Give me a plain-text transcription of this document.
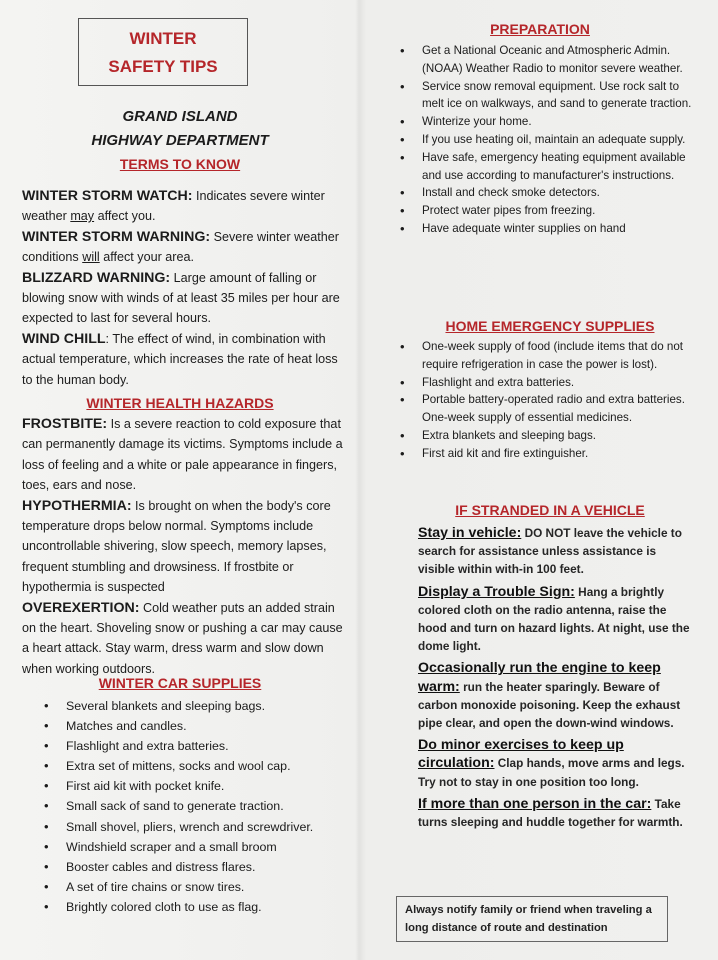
WINTER
SAFETY TIPS
GRAND ISLAND
HIGHWAY DEPARTMENT
TERMS TO KNOW
WINTER STORM WATCH: Indicates severe winter weather may affect you.
WINTER STORM WARNING: Severe winter weather conditions will affect your area.
BLIZZARD WARNING: Large amount of falling or blowing snow with winds of at least 35 miles per hour are expected to last for several hours.
WIND CHILL: The effect of wind, in combination with actual temperature, which increases the rate of heat loss to the human body.
WINTER HEALTH HAZARDS
FROSTBITE: Is a severe reaction to cold exposure that can permanently damage its victims. Symptoms include a loss of feeling and a white or pale appearance in fingers, toes, ears and nose.
HYPOTHERMIA: Is brought on when the body's core temperature drops below normal. Symptoms include uncontrollable shivering, slow speech, memory lapses, frequent stumbling and drowsiness. If frostbite or hypothermia is suspected
OVEREXERTION: Cold weather puts an added strain on the heart. Shoveling snow or pushing a car may cause a heart attack. Stay warm, dress warm and slow down when working outdoors.
WINTER CAR SUPPLIES
• Several blankets and sleeping bags.
• Matches and candles.
• Flashlight and extra batteries.
• Extra set of mittens, socks and wool cap.
• First aid kit with pocket knife.
• Small sack of sand to generate traction.
• Small shovel, pliers, wrench and screwdriver.
• Windshield scraper and a small broom
• Booster cables and distress flares.
• A set of tire chains or snow tires.
• Brightly colored cloth to use as flag.
PREPARATION
• Get a National Oceanic and Atmospheric Admin. (NOAA) Weather Radio to monitor severe weather.
• Service snow removal equipment. Use rock salt to melt ice on walkways, and sand to generate traction.
• Winterize your home.
• If you use heating oil, maintain an adequate supply.
• Have safe, emergency heating equipment available and use according to manufacturer's instructions.
• Install and check smoke detectors.
• Protect water pipes from freezing.
• Have adequate winter supplies on hand
HOME EMERGENCY SUPPLIES
• One-week supply of food (include items that do not require refrigeration in case the power is lost).
• Flashlight and extra batteries.
• Portable battery-operated radio and extra batteries. One-week supply of essential medicines.
• Extra blankets and sleeping bags.
• First aid kit and fire extinguisher.
IF STRANDED IN A VEHICLE
Stay in vehicle: DO NOT leave the vehicle to search for assistance unless assistance is visible within with-in 100 feet.
Display a Trouble Sign: Hang a brightly colored cloth on the radio antenna, raise the hood and turn on hazard lights. At night, use the dome light.
Occasionally run the engine to keep warm: run the heater sparingly. Beware of carbon monoxide poisoning. Keep the exhaust pipe clear, and open the down-wind windows.
Do minor exercises to keep up circulation: Clap hands, move arms and legs. Try not to stay in one position too long.
If more than one person in the car: Take turns sleeping and huddle together for warmth.
Always notify family or friend when traveling a long distance of route and destination
